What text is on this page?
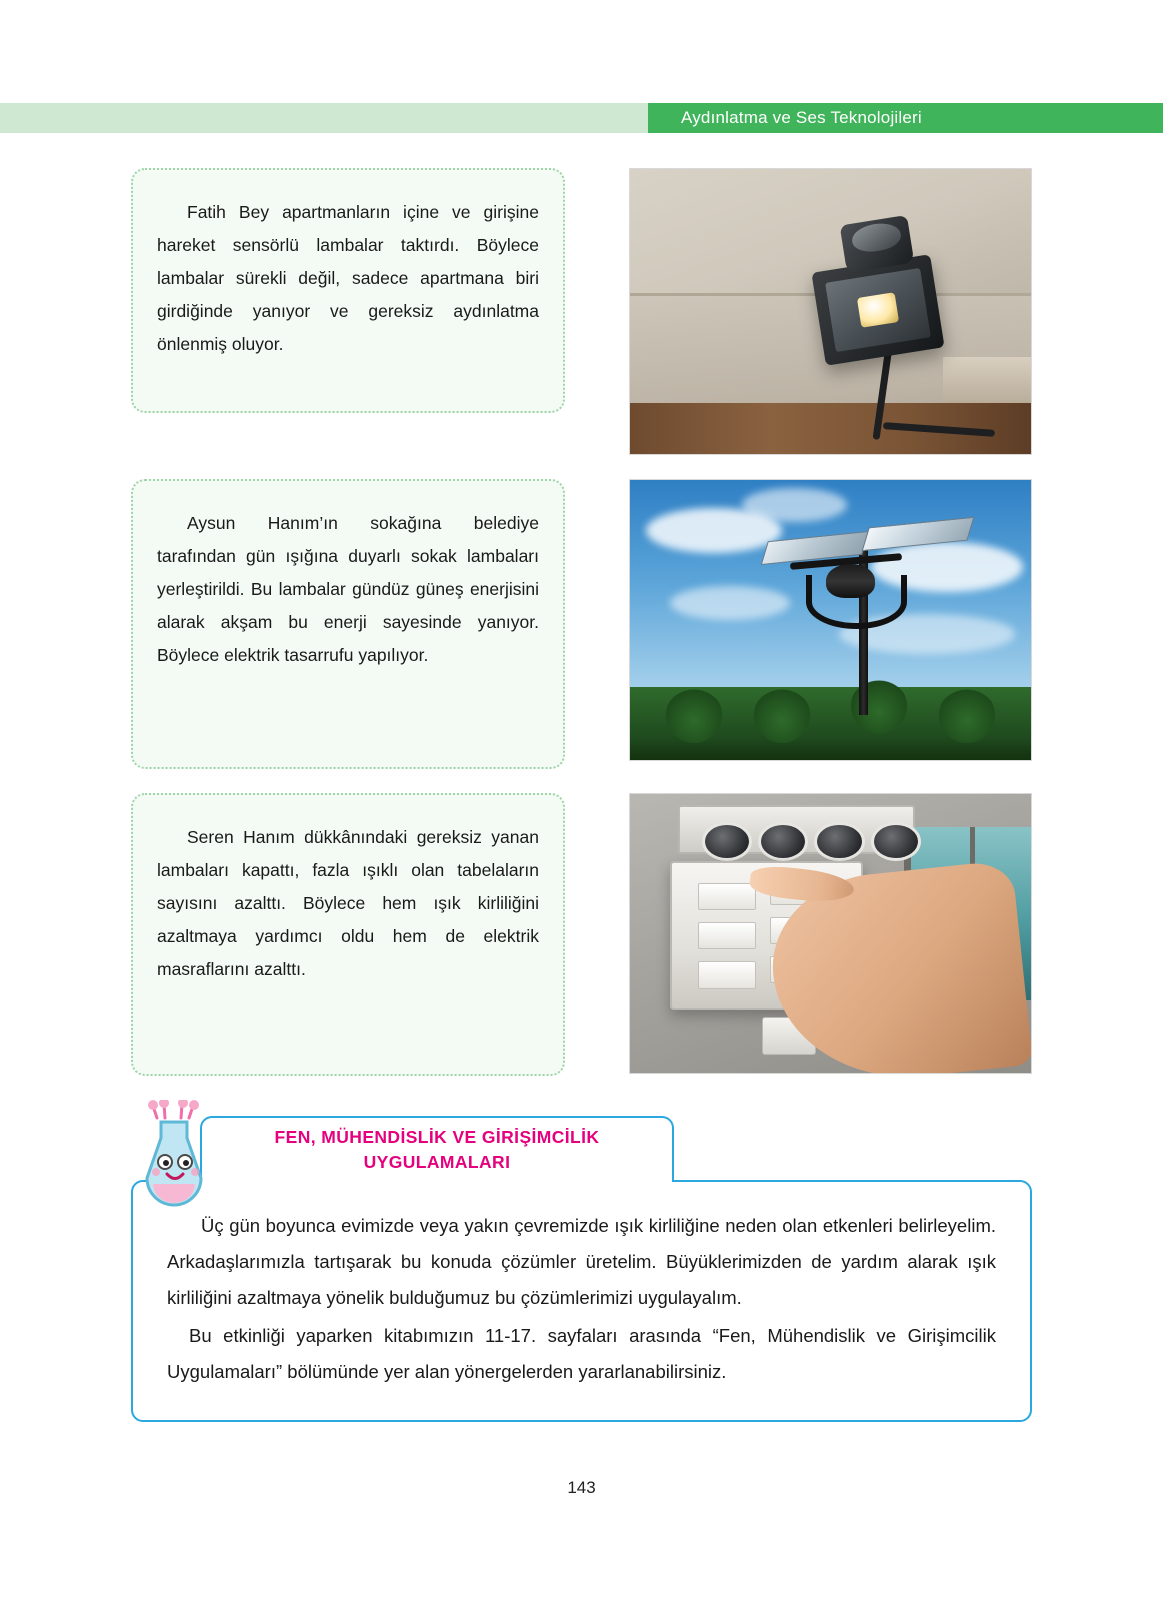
Aydınlatma ve Ses Teknolojileri

Fatih Bey apartmanların içine ve girişine hareket sensörlü lambalar taktırdı. Böylece lambalar sürekli değil, sadece apartmana biri girdiğinde yanıyor ve gereksiz aydınlatma önlenmiş oluyor.

Aysun Hanım’ın sokağına belediye tarafından gün ışığına duyarlı sokak lambaları yerleştirildi. Bu lambalar gündüz güneş enerjisini alarak akşam bu enerji sayesinde yanıyor. Böylece elektrik tasarrufu yapılıyor.

Seren Hanım dükkânındaki gereksiz yanan lambaları kapattı, fazla ışıklı olan tabelaların sayısını azalttı. Böylece hem ışık kirliliğini azaltmaya yardımcı oldu hem de elektrik masraflarını azalttı.

FEN, MÜHENDİSLİK VE GİRİŞİMCİLİK
UYGULAMALARI

Üç gün boyunca evimizde veya yakın çevremizde ışık kirliliğine neden olan etkenleri belirleyelim. Arkadaşlarımızla tartışarak bu konuda çözümler üretelim. Büyüklerimizden de yardım alarak ışık kirliliğini azaltmaya yönelik bulduğumuz bu çözümlerimizi uygulayalım.

Bu etkinliği yaparken kitabımızın 11-17. sayfaları arasında “Fen, Mühendislik ve Girişimcilik Uygulamaları” bölümünde yer alan yönergelerden yararlanabilirsiniz.

143
